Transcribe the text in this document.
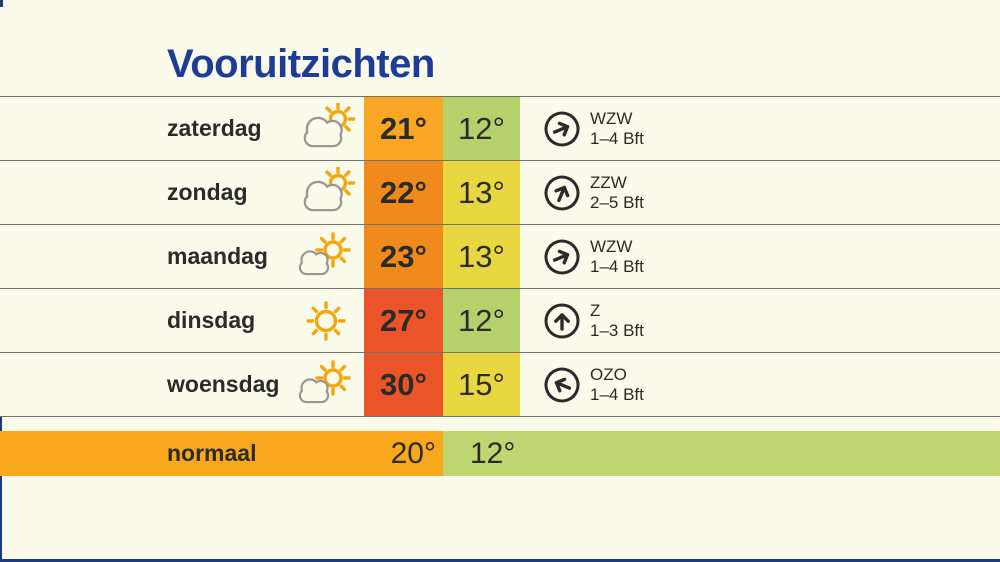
Vooruitzichten
zaterdag	21°	12°	WZW
1–4 Bft
zondag	22°	13°	ZZW
2–5 Bft
maandag	23°	13°	WZW
1–4 Bft
dinsdag	27°	12°	Z
1–3 Bft
woensdag	30°	15°	OZO
1–4 Bft
normaal	20°	12°
